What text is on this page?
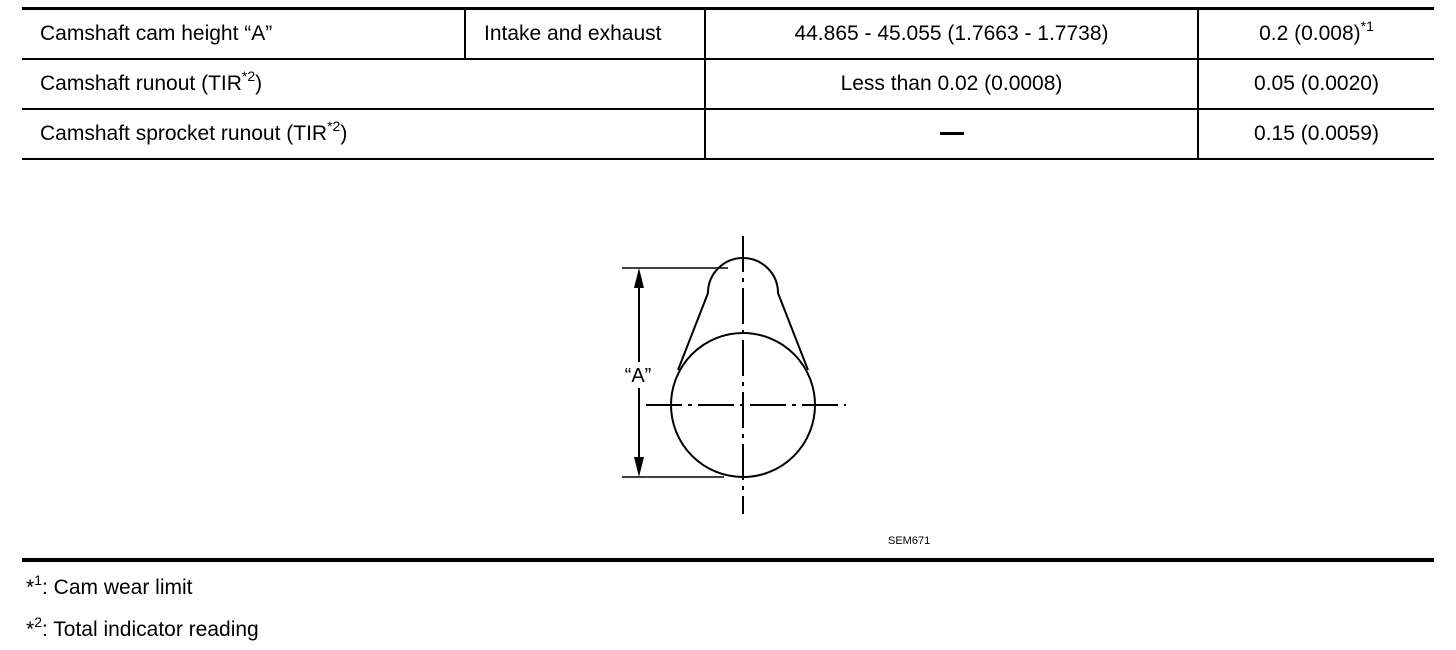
Camshaft cam height “A”	Intake and exhaust	44.865 - 45.055 (1.7663 - 1.7738)	0.2 $(0.008)^{*1}$
Camshaft runout (TIR$^{*2}$)		Less than 0.02 (0.0008)	0.05 (0.0020)
Camshaft sprocket runout (TIR$^{*2}$)			0.15 (0.0059)
“A”
SEM671
*$^1$: Cam wear limit
*$^2$: Total indicator reading
